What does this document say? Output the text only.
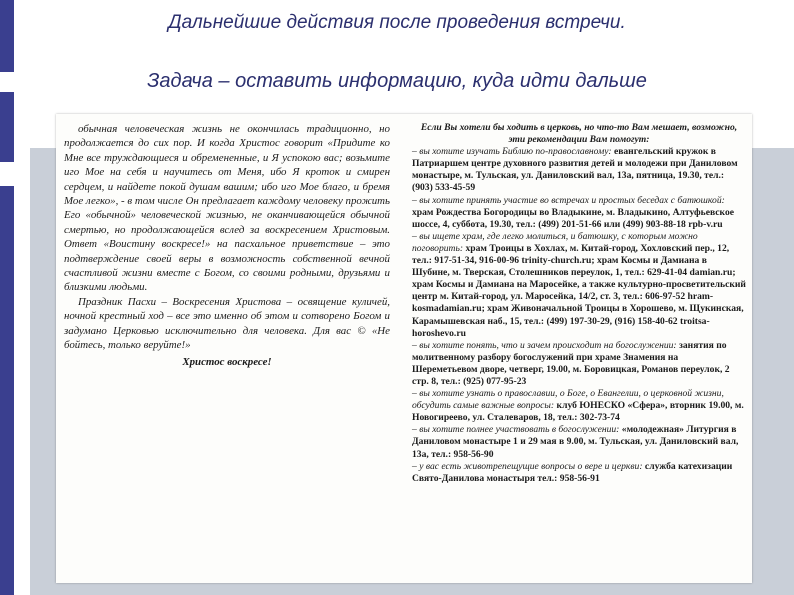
Дальнейшие действия после проведения встречи.
Задача – оставить информацию, куда идти дальше

обычная человеческая жизнь не окончилась традиционно, но продолжается до сих пор. И когда Христос говорит «Придите ко Мне все труждающиеся и обремененные, и Я успокою вас; возьмите иго Мое на себя и научитесь от Меня, ибо Я кроток и смирен сердцем, и найдете покой душам вашим; ибо иго Мое благо, и бремя Мое легко», - в том числе Он предлагает каждому человеку прожить Его «обычной» человеческой жизнью, не оканчивающейся обычной смертью, но продолжающейся вслед за воскресением Христовым. Ответ «Воистину воскресе!» на пасхальное приветствие – это подтверждение своей веры в возможность собственной вечной счастливой жизни вместе с Богом, со своими родными, друзьями и близкими людьми.

Праздник Пасхи – Воскресения Христова – освящение куличей, ночной крестный ход – все это именно об этом и сотворено Богом и задумано Церковью исключительно для человека. Для вас © «Не бойтесь, только веруйте!»

Христос воскресе!

Если Вы хотели бы ходить в церковь, но что-то Вам мешает, возможно, эти рекомендации Вам помогут:

– вы хотите изучать Библию по-православному: евангельский кружок в Патриаршем центре духовного развития детей и молодежи при Даниловом монастыре, м. Тульская, ул. Даниловский вал, 13а, пятница, 19.30, тел.: (903) 533-45-59

– вы хотите принять участие во встречах и простых беседах с батюшкой: храм Рождества Богородицы во Владыкине, м. Владыкино, Алтуфьевское шоссе, 4, суббота, 19.30, тел.: (499) 201-51-66 или (499) 903-88-18 rpb-v.ru

– вы ищете храм, где легко молиться, и батюшку, с которым можно поговорить: храм Троицы в Хохлах, м. Китай-город, Хохловский пер., 12, тел.: 917-51-34, 916-00-96 trinity-church.ru; храм Космы и Дамиана в Шубине, м. Тверская, Столешников переулок, 1, тел.: 629-41-04 damian.ru; храм Космы и Дамиана на Маросейке, а также культурно-просветительский центр м. Китай-город, ул. Маросейка, 14/2, ст. 3, тел.: 606-97-52 hram-kosmadamian.ru; храм Живоначальной Троицы в Хорошево, м. Щукинская, Карамышевская наб., 15, тел.: (499) 197-30-29, (916) 158-40-62 troitsa-horoshevo.ru

– вы хотите понять, что и зачем происходит на богослужении: занятия по молитвенному разбору богослужений при храме Знамения на Шереметьевом дворе, четверг, 19.00, м. Боровицкая, Романов переулок, 2 стр. 8, тел.: (925) 077-95-23

– вы хотите узнать о православии, о Боге, о Евангелии, о церковной жизни, обсудить самые важные вопросы: клуб ЮНЕСКО «Сфера», вторник 19.00, м. Новогиреево, ул. Сталеваров, 18, тел.: 302-73-74

– вы хотите полнее участвовать в богослужении: «молодежная» Литургия в Даниловом монастыре 1 и 29 мая в 9.00, м. Тульская, ул. Даниловский вал, 13а, тел.: 958-56-90

– у вас есть животрепещущие вопросы о вере и церкви: служба катехизации Свято-Данилова монастыря тел.: 958-56-91
